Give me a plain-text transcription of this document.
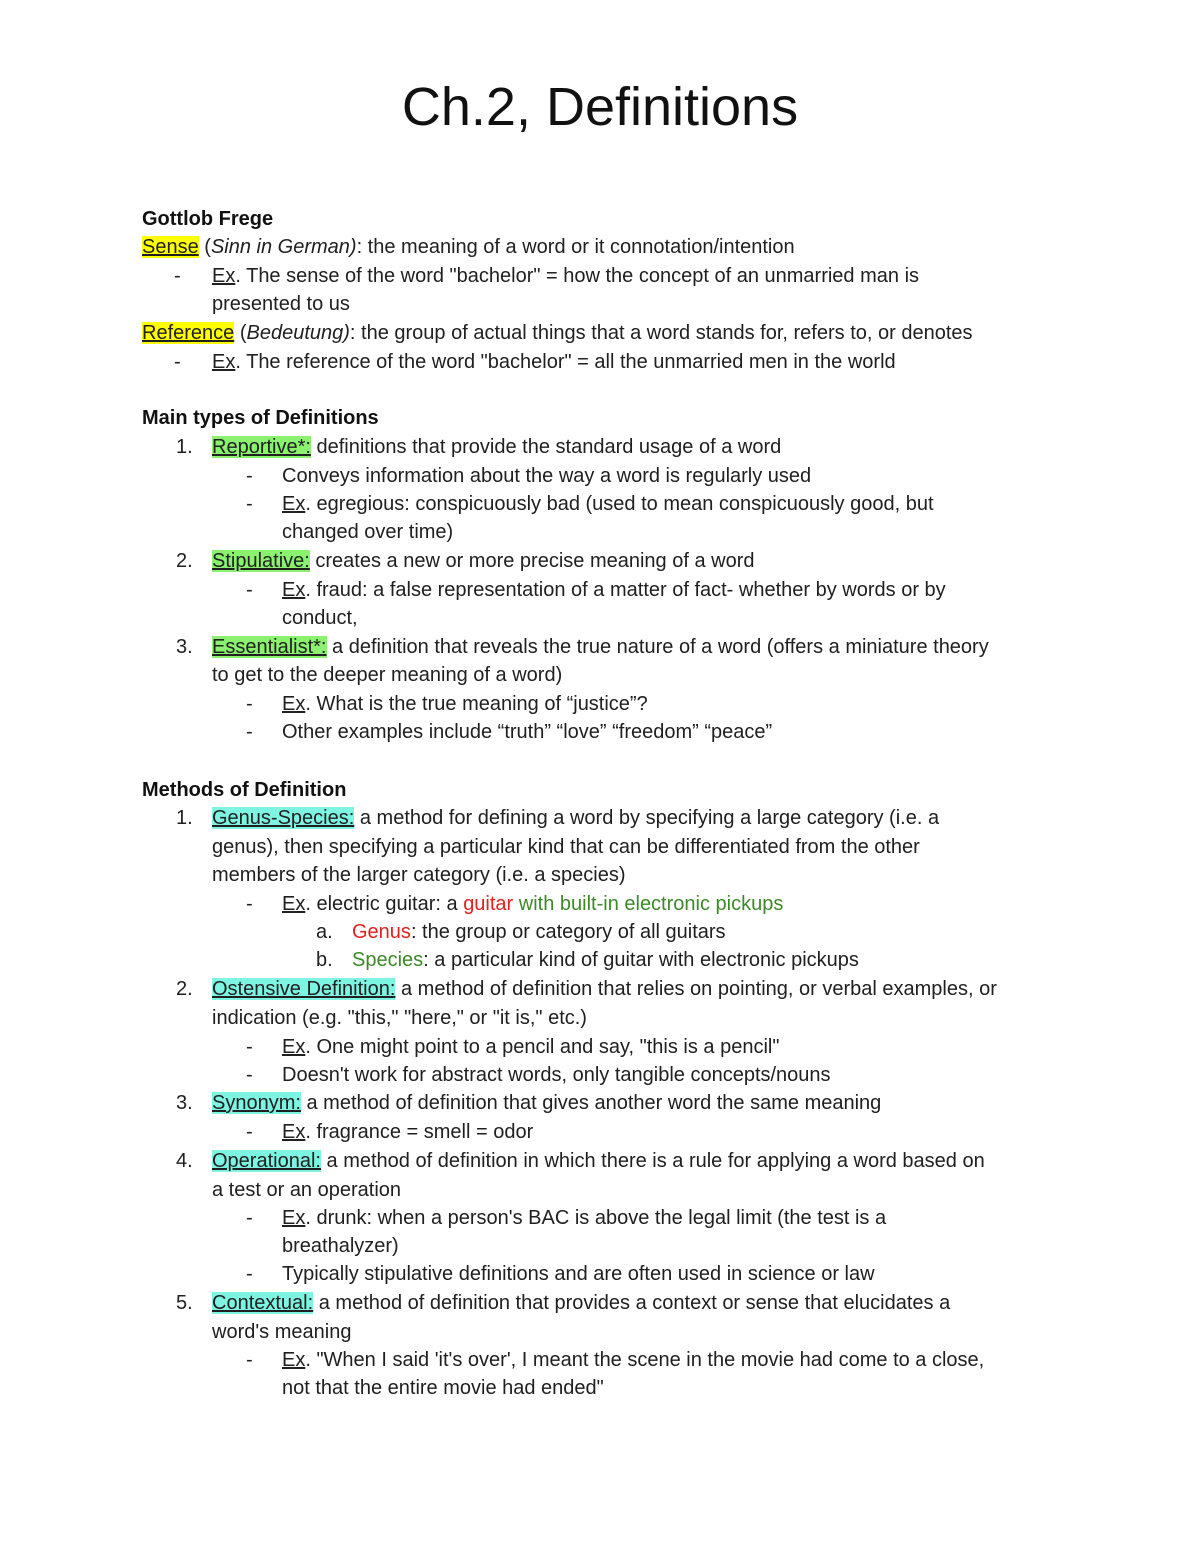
Ch.2, Definitions
Gottlob Frege
Sense (Sinn in German): the meaning of a word or it connotation/intention
- Ex. The sense of the word "bachelor" = how the concept of an unmarried man is
presented to us
Reference (Bedeutung): the group of actual things that a word stands for, refers to, or denotes
- Ex. The reference of the word "bachelor" = all the unmarried men in the world
Main types of Definitions
1. Reportive*: definitions that provide the standard usage of a word
- Conveys information about the way a word is regularly used
- Ex. egregious: conspicuously bad (used to mean conspicuously good, but
changed over time)
2. Stipulative: creates a new or more precise meaning of a word
- Ex. fraud: a false representation of a matter of fact- whether by words or by
conduct,
3. Essentialist*: a definition that reveals the true nature of a word (offers a miniature theory
to get to the deeper meaning of a word)
- Ex. What is the true meaning of “justice”?
- Other examples include “truth” “love” “freedom” “peace”
Methods of Definition
1. Genus-Species: a method for defining a word by specifying a large category (i.e. a
genus), then specifying a particular kind that can be differentiated from the other
members of the larger category (i.e. a species)
- Ex. electric guitar: a guitar with built-in electronic pickups
a. Genus: the group or category of all guitars
b. Species: a particular kind of guitar with electronic pickups
2. Ostensive Definition: a method of definition that relies on pointing, or verbal examples, or
indication (e.g. "this," "here," or "it is," etc.)
- Ex. One might point to a pencil and say, "this is a pencil"
- Doesn't work for abstract words, only tangible concepts/nouns
3. Synonym: a method of definition that gives another word the same meaning
- Ex. fragrance = smell = odor
4. Operational: a method of definition in which there is a rule for applying a word based on
a test or an operation
- Ex. drunk: when a person's BAC is above the legal limit (the test is a
breathalyzer)
- Typically stipulative definitions and are often used in science or law
5. Contextual: a method of definition that provides a context or sense that elucidates a
word's meaning
- Ex. "When I said 'it's over', I meant the scene in the movie had come to a close,
not that the entire movie had ended"
